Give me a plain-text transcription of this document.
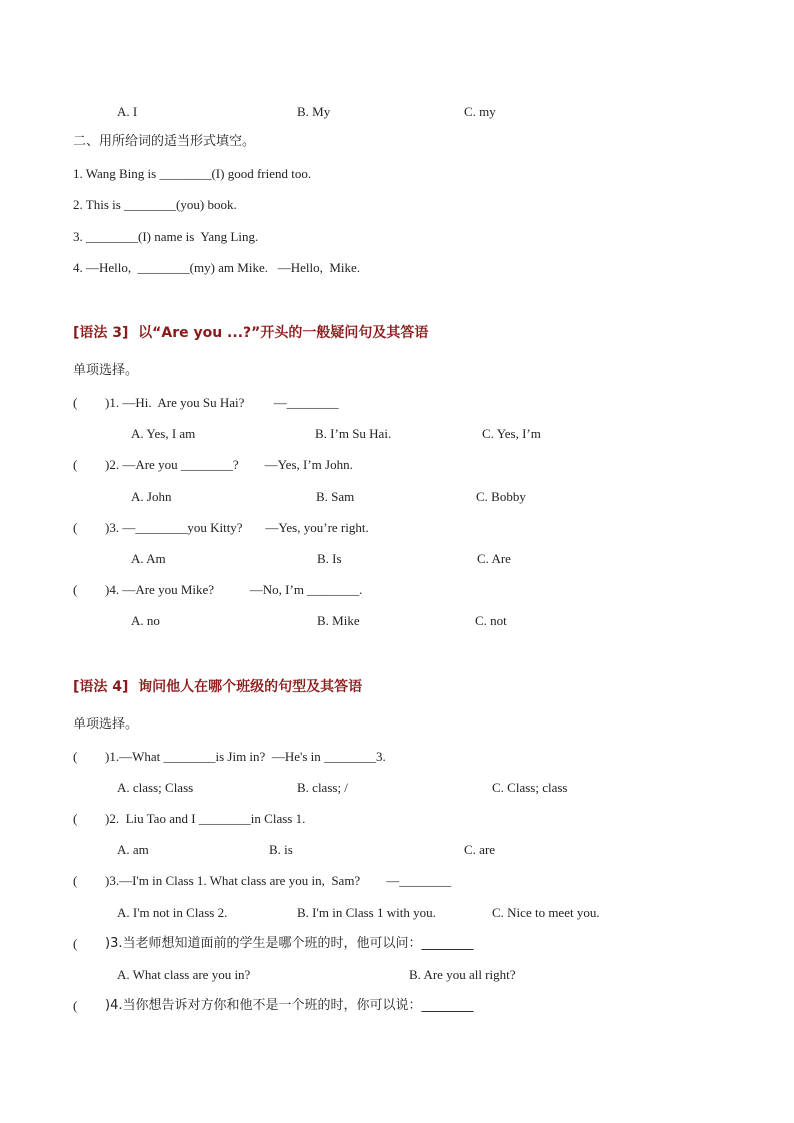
A. I	B. My	C. my
二、用所给词的适当形式填空。
1. Wang Bing is ________(I) good friend too.
2. This is ________(you) book.
3. ________(I) name is  Yang Ling.
4. —Hello,  ________(my) am Mike.   —Hello,  Mike.
[语法 3]  以“Are you ...?”开头的一般疑问句及其答语
单项选择。
( )1. —Hi.  Are you Su Hai?         —________
A. Yes, I am	B. I’m Su Hai.	C. Yes, I’m
( )2. —Are you ________?        —Yes, I’m John.
A. John	B. Sam	C. Bobby
( )3. —________you Kitty?       —Yes, you’re right.
A. Am	B. Is	C. Are
( )4. —Are you Mike?           —No, I’m ________.
A. no	B. Mike	C. not
[语法 4]  询问他人在哪个班级的句型及其答语
单项选择。
( )1.—What ________is Jim in?  —He's in ________3.
A. class; Class	B. class; /	C. Class; class
( )2.  Liu Tao and I ________in Class 1.
A. am	B. is	C. are
( )3.—I'm in Class 1. What class are you in,  Sam?        —________
A. I'm not in Class 2.	B. I'm in Class 1 with you.	C. Nice to meet you.
( )3.当老师想知道面前的学生是哪个班的时，他可以问：________
A. What class are you in?	B. Are you all right?
( )4.当你想告诉对方你和他不是一个班的时，你可以说：________
